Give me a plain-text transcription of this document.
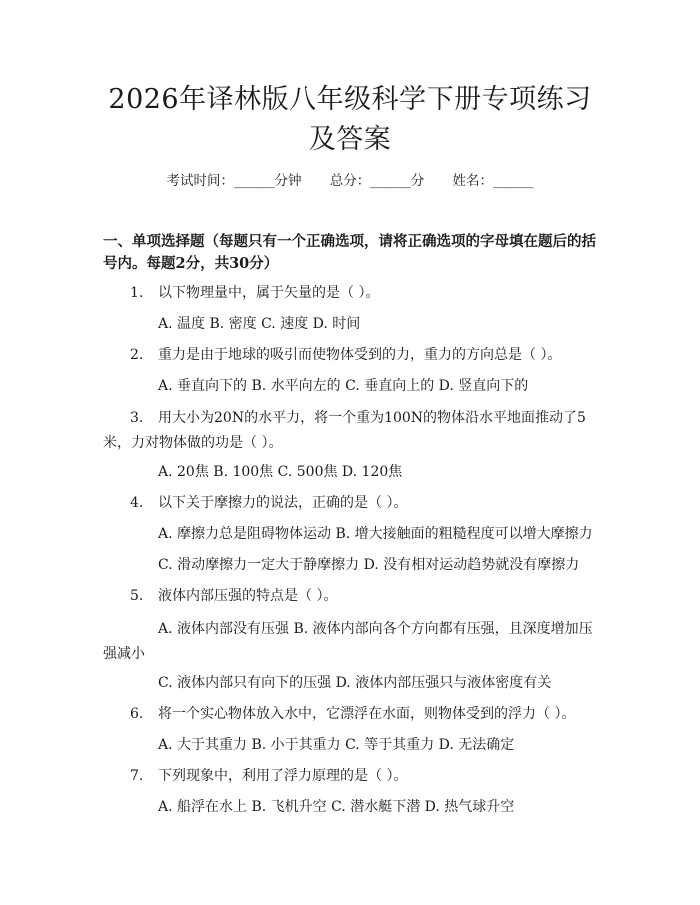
2026年译林版八年级科学下册专项练习及答案
考试时间：______分钟 总分：______分 姓名：______

一、单项选择题（每题只有一个正确选项，请将正确选项的字母填在题后的括号内。每题2分，共30分）

1. 以下物理量中，属于矢量的是（ ）。
A. 温度 B. 密度 C. 速度 D. 时间
2. 重力是由于地球的吸引而使物体受到的力，重力的方向总是（ ）。
A. 垂直向下的 B. 水平向左的 C. 垂直向上的 D. 竖直向下的
3. 用大小为20N的水平力，将一个重为100N的物体沿水平地面推动了5米，力对物体做的功是（ ）。
A. 20焦 B. 100焦 C. 500焦 D. 120焦
4. 以下关于摩擦力的说法，正确的是（ ）。
A. 摩擦力总是阻碍物体运动 B. 增大接触面的粗糙程度可以增大摩擦力
C. 滑动摩擦力一定大于静摩擦力 D. 没有相对运动趋势就没有摩擦力
5. 液体内部压强的特点是（ ）。
A. 液体内部没有压强 B. 液体内部向各个方向都有压强，且深度增加压强减小
C. 液体内部只有向下的压强 D. 液体内部压强只与液体密度有关
6. 将一个实心物体放入水中，它漂浮在水面，则物体受到的浮力（ ）。
A. 大于其重力 B. 小于其重力 C. 等于其重力 D. 无法确定
7. 下列现象中，利用了浮力原理的是（ ）。
A. 船浮在水上 B. 飞机升空 C. 潜水艇下潜 D. 热气球升空
